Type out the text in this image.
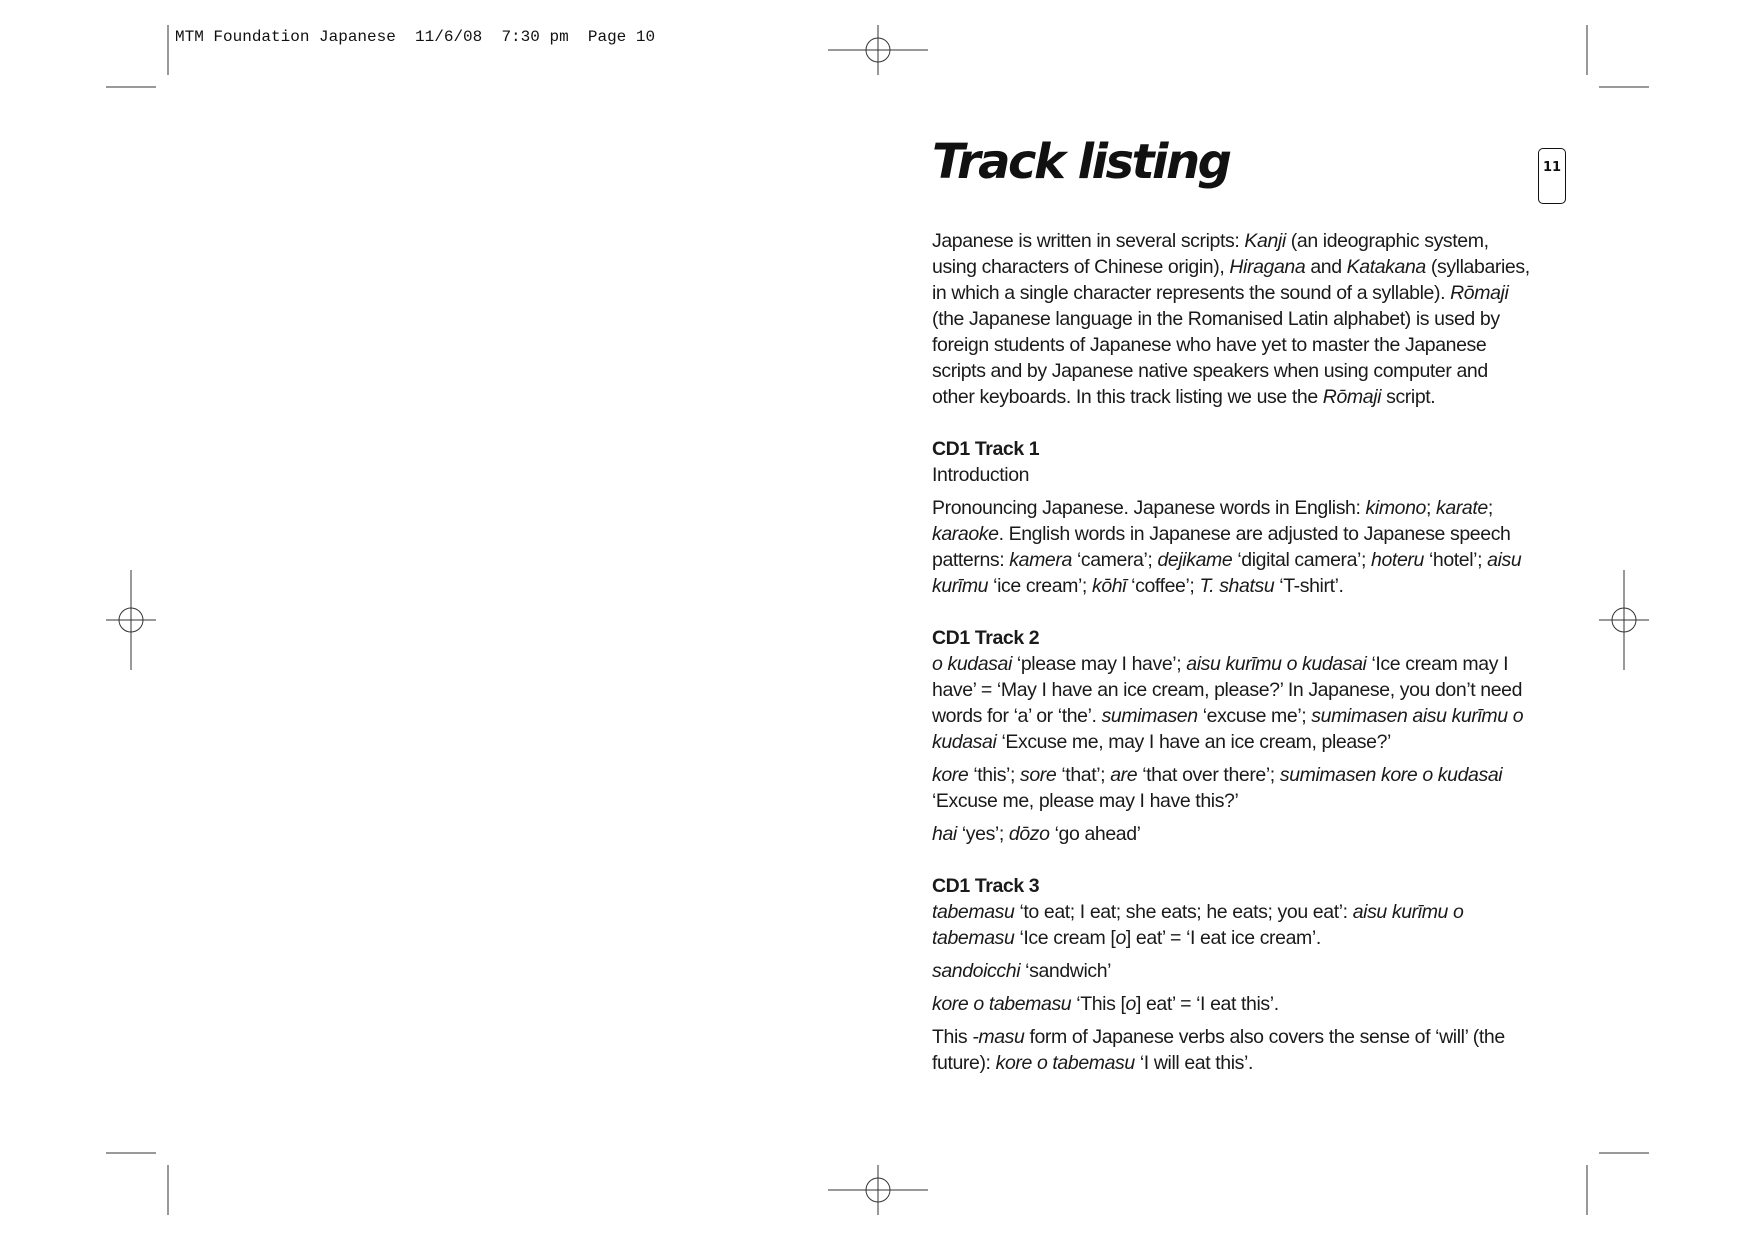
MTM Foundation Japanese  11/6/08  7:30 pm  Page 10
Track listing	11

Japanese is written in several scripts: Kanji (an ideographic system, using characters of Chinese origin), Hiragana and Katakana (syllabaries, in which a single character represents the sound of a syllable). Rōmaji (the Japanese language in the Romanised Latin alphabet) is used by foreign students of Japanese who have yet to master the Japanese scripts and by Japanese native speakers when using computer and other keyboards. In this track listing we use the Rōmaji script.

CD1 Track 1

Introduction

Pronouncing Japanese. Japanese words in English: kimono; karate; karaoke. English words in Japanese are adjusted to Japanese speech patterns: kamera ‘camera’; dejikame ‘digital camera’; hoteru ‘hotel’; aisu kurīmu ‘ice cream’; kōhī ‘coffee’; T. shatsu ‘T-shirt’.

CD1 Track 2

o kudasai ‘please may I have’; aisu kurīmu o kudasai ‘Ice cream may I have’ = ‘May I have an ice cream, please?’ In Japanese, you don’t need words for ‘a’ or ‘the’. sumimasen ‘excuse me’; sumimasen aisu kurīmu o kudasai ‘Excuse me, may I have an ice cream, please?’

kore ‘this’; sore ‘that’; are ‘that over there’; sumimasen kore o kudasai ‘Excuse me, please may I have this?’

hai ‘yes’; dōzo ‘go ahead’

CD1 Track 3

tabemasu ‘to eat; I eat; she eats; he eats; you eat’: aisu kurīmu o tabemasu ‘Ice cream [o] eat’ = ‘I eat ice cream’.

sandoicchi ‘sandwich’

kore o tabemasu ‘This [o] eat’ = ‘I eat this’.

This -masu form of Japanese verbs also covers the sense of ‘will’ (the future): kore o tabemasu ‘I will eat this’.
